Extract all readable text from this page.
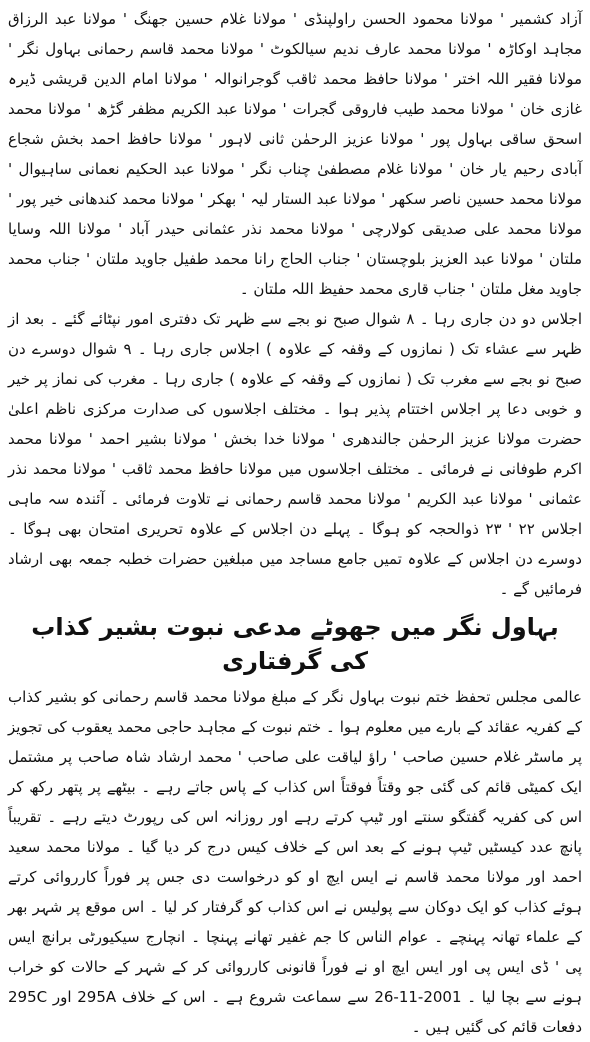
آزاد کشمیر ' مولانا محمود الحسن راولپنڈی ' مولانا غلام حسین جھنگ ' مولانا عبد الرزاق مجاہد اوکاڑہ ' مولانا محمد عارف ندیم سیالکوٹ ' مولانا محمد قاسم رحمانی بہاول نگر ' مولانا فقیر اللہ اختر ' مولانا حافظ محمد ثاقب گوجرانوالہ ' مولانا امام الدین قریشی ڈیرہ غازی خان ' مولانا محمد طیب فاروقی گجرات ' مولانا عبد الکریم مظفر گڑھ ' مولانا محمد اسحق ساقی بہاول پور ' مولانا عزیز الرحمٰن ثانی لاہور ' مولانا حافظ احمد بخش شجاع آبادی رحیم یار خان ' مولانا غلام مصطفیٰ چناب نگر ' مولانا عبد الحکیم نعمانی ساہیوال ' مولانا محمد حسین ناصر سکھر ' مولانا عبد الستار لیہ ' بھکر ' مولانا محمد کندھانی خیر پور ' مولانا محمد علی صدیقی کولارچی ' مولانا محمد نذر عثمانی حیدر آباد ' مولانا اللہ وسایا ملتان ' مولانا عبد العزیز بلوچستان ' جناب الحاج رانا محمد طفیل جاوید ملتان ' جناب محمد جاوید مغل ملتان ' جناب قاری محمد حفیظ اللہ ملتان ۔

اجلاس دو دن جاری رہا ۔ ۸ شوال صبح نو بجے سے ظہر تک دفتری امور نپٹائے گئے ۔ بعد از ظہر سے عشاء تک ( نمازوں کے وقفہ کے علاوہ ) اجلاس جاری رہا ۔ ۹ شوال دوسرے دن صبح نو بجے سے مغرب تک ( نمازوں کے وقفہ کے علاوہ ) جاری رہا ۔ مغرب کی نماز پر خیر و خوبی دعا پر اجلاس اختتام پذیر ہوا ۔ مختلف اجلاسوں کی صدارت مرکزی ناظم اعلیٰ حضرت مولانا عزیز الرحمٰن جالندھری ' مولانا خدا بخش ' مولانا بشیر احمد ' مولانا محمد اکرم طوفانی نے فرمائی ۔ مختلف اجلاسوں میں مولانا حافظ محمد ثاقب ' مولانا محمد نذر عثمانی ' مولانا عبد الکریم ' مولانا محمد قاسم رحمانی نے تلاوت فرمائی ۔ آئندہ سہ ماہی اجلاس ۲۲ ' ۲۳ ذوالحجہ کو ہوگا ۔ پہلے دن اجلاس کے علاوہ تحریری امتحان بھی ہوگا ۔ دوسرے دن اجلاس کے علاوہ تمیں جامع مساجد میں مبلغین حضرات خطبہ جمعہ بھی ارشاد فرمائیں گے ۔

بہاول نگر میں جھوٹے مدعی نبوت بشیر کذاب کی گرفتاری

عالمی مجلس تحفظ ختم نبوت بہاول نگر کے مبلغ مولانا محمد قاسم رحمانی کو بشیر کذاب کے کفریہ عقائد کے بارے میں معلوم ہوا ۔ ختم نبوت کے مجاہد حاجی محمد یعقوب کی تجویز پر ماسٹر غلام حسین صاحب ' راؤ لیاقت علی صاحب ' محمد ارشاد شاہ صاحب پر مشتمل ایک کمیٹی قائم کی گئی جو وقتاً فوقتاً اس کذاب کے پاس جاتے رہے ۔ بیٹھے پر پتھر رکھ کر اس کی کفریہ گفتگو سنتے اور ٹیپ کرتے رہے اور روزانہ اس کی رپورٹ دیتے رہے ۔ تقریباً پانچ عدد کیسٹیں ٹیپ ہونے کے بعد اس کے خلاف کیس درج کر دیا گیا ۔ مولانا محمد سعید احمد اور مولانا محمد قاسم نے ایس ایچ او کو درخواست دی جس پر فوراً کارروائی کرتے ہوئے کذاب کو ایک دوکان سے پولیس نے اس کذاب کو گرفتار کر لیا ۔ اس موقع پر شہر بھر کے علماء تھانہ پہنچے ۔ عوام الناس کا جم غفیر تھانے پہنچا ۔ انچارج سیکیورٹی برانچ ایس پی ' ڈی ایس پی اور ایس ایچ او نے فوراً قانونی کارروائی کر کے شہر کے حالات کو خراب ہونے سے بچا لیا ۔ 2001-11-26 سے سماعت شروع ہے ۔ اس کے خلاف 295A اور 295C دفعات قائم کی گئیں ہیں ۔
